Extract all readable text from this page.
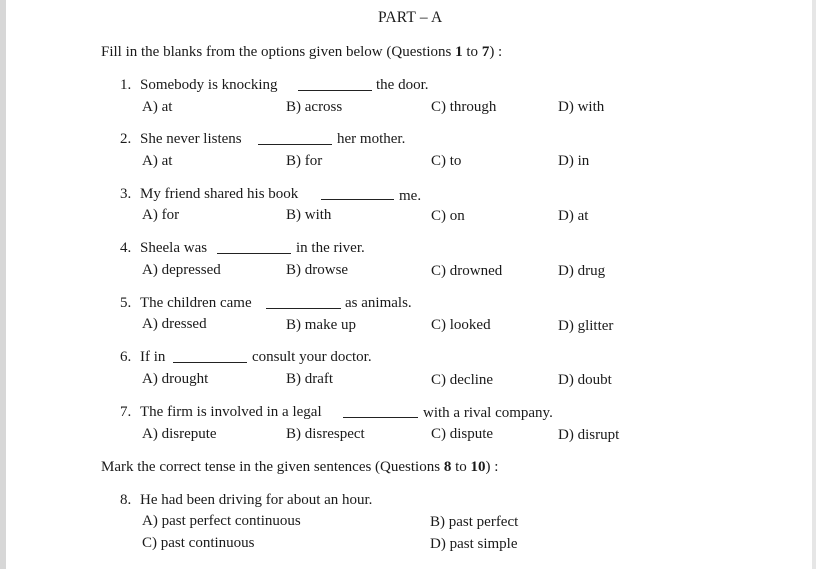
PART – A
Fill in the blanks from the options given below (Questions 1 to 7) :
1. Somebody is knocking	the door.
A) at	B) across	C) through	D) with
2. She never listens	her mother.
A) at	B) for	C) to	D) in
3. My friend shared his book	me.
A) for	B) with	C) on	D) at
4. Sheela was	in the river.
A) depressed	B) drowse	C) drowned	D) drug
5. The children came	as animals.
A) dressed	B) make up	C) looked	D) glitter
6. If in	consult your doctor.
A) drought	B) draft	C) decline	D) doubt
7. The firm is involved in a legal	with a rival company.
A) disrepute	B) disrespect	C) dispute	D) disrupt
Mark the correct tense in the given sentences (Questions 8 to 10) :
8. He had been driving for about an hour.
A) past perfect continuous	B) past perfect
C) past continuous	D) past simple
